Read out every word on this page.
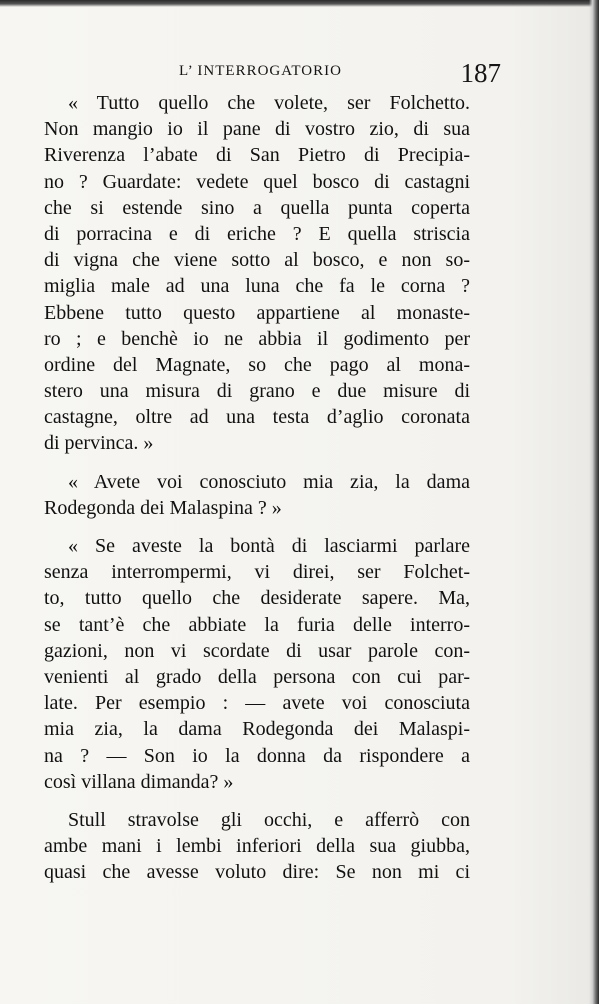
L’ INTERROGATORIO	187
« Tutto quello che volete, ser Folchetto.
Non mangio io il pane di vostro zio, di sua
Riverenza l’abate di San Pietro di Precipia-
no ? Guardate: vedete quel bosco di castagni
che si estende sino a quella punta coperta
di porracina e di eriche ? E quella striscia
di vigna che viene sotto al bosco, e non so-
miglia male ad una luna che fa le corna ?
Ebbene tutto questo appartiene al monaste-
ro ; e benchè io ne abbia il godimento per
ordine del Magnate, so che pago al mona-
stero una misura di grano e due misure di
castagne, oltre ad una testa d’aglio coronata
di pervinca. »
« Avete voi conosciuto mia zia, la dama
Rodegonda dei Malaspina ? »
« Se aveste la bontà di lasciarmi parlare
senza interrompermi, vi direi, ser Folchet-
to, tutto quello che desiderate sapere. Ma,
se tant’è che abbiate la furia delle interro-
gazioni, non vi scordate di usar parole con-
venienti al grado della persona con cui par-
late. Per esempio : — avete voi conosciuta
mia zia, la dama Rodegonda dei Malaspi-
na ? — Son io la donna da rispondere a
così villana dimanda? »
Stull stravolse gli occhi, e afferrò con
ambe mani i lembi inferiori della sua giubba,
quasi che avesse voluto dire: Se non mi ci
